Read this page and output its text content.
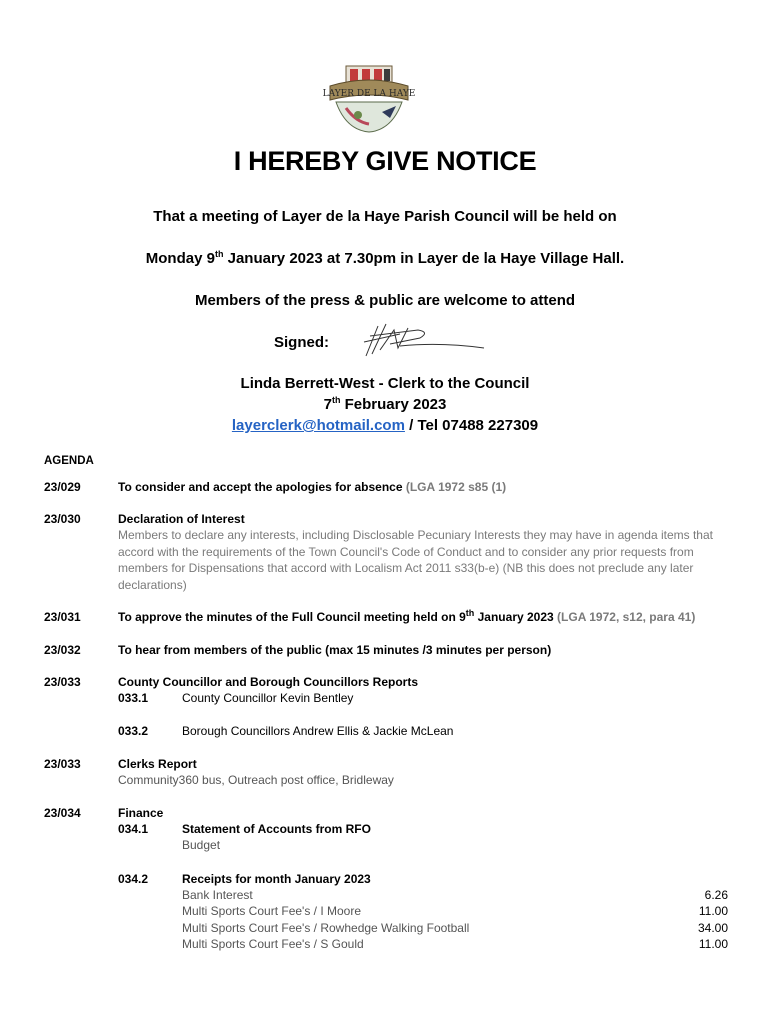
LAYER DE LA HAYE
I HEREBY GIVE NOTICE
That a meeting of Layer de la Haye Parish Council will be held on
Monday 9th January 2023 at 7.30pm in Layer de la Haye Village Hall.
Members of the press & public are welcome to attend
Signed:
Linda Berrett-West - Clerk to the Council
7th February 2023
layerclerk@hotmail.com / Tel 07488 227309
AGENDA
23/029	To consider and accept the apologies for absence (LGA 1972 s85 (1)
23/030	Declaration of Interest
Members to declare any interests, including Disclosable Pecuniary Interests they may have in agenda items that accord with the requirements of the Town Council's Code of Conduct and to consider any prior requests from members for Dispensations that accord with Localism Act 2011 s33(b-e) (NB this does not preclude any later declarations)
23/031	To approve the minutes of the Full Council meeting held on 9th January 2023 (LGA 1972, s12, para 41)
23/032	To hear from members of the public (max 15 minutes /3 minutes per person)
23/033	County Councillor and Borough Councillors Reports
033.1	County Councillor Kevin Bentley
033.2	Borough Councillors Andrew Ellis & Jackie McLean
23/033	Clerks Report
Community360 bus, Outreach post office, Bridleway
23/034	Finance
034.1	Statement of Accounts from RFO
Budget
034.2	Receipts for month January 2023
Bank Interest	6.26
Multi Sports Court Fee's / I Moore	11.00
Multi Sports Court Fee's / Rowhedge Walking Football	34.00
Multi Sports Court Fee's / S Gould	11.00
